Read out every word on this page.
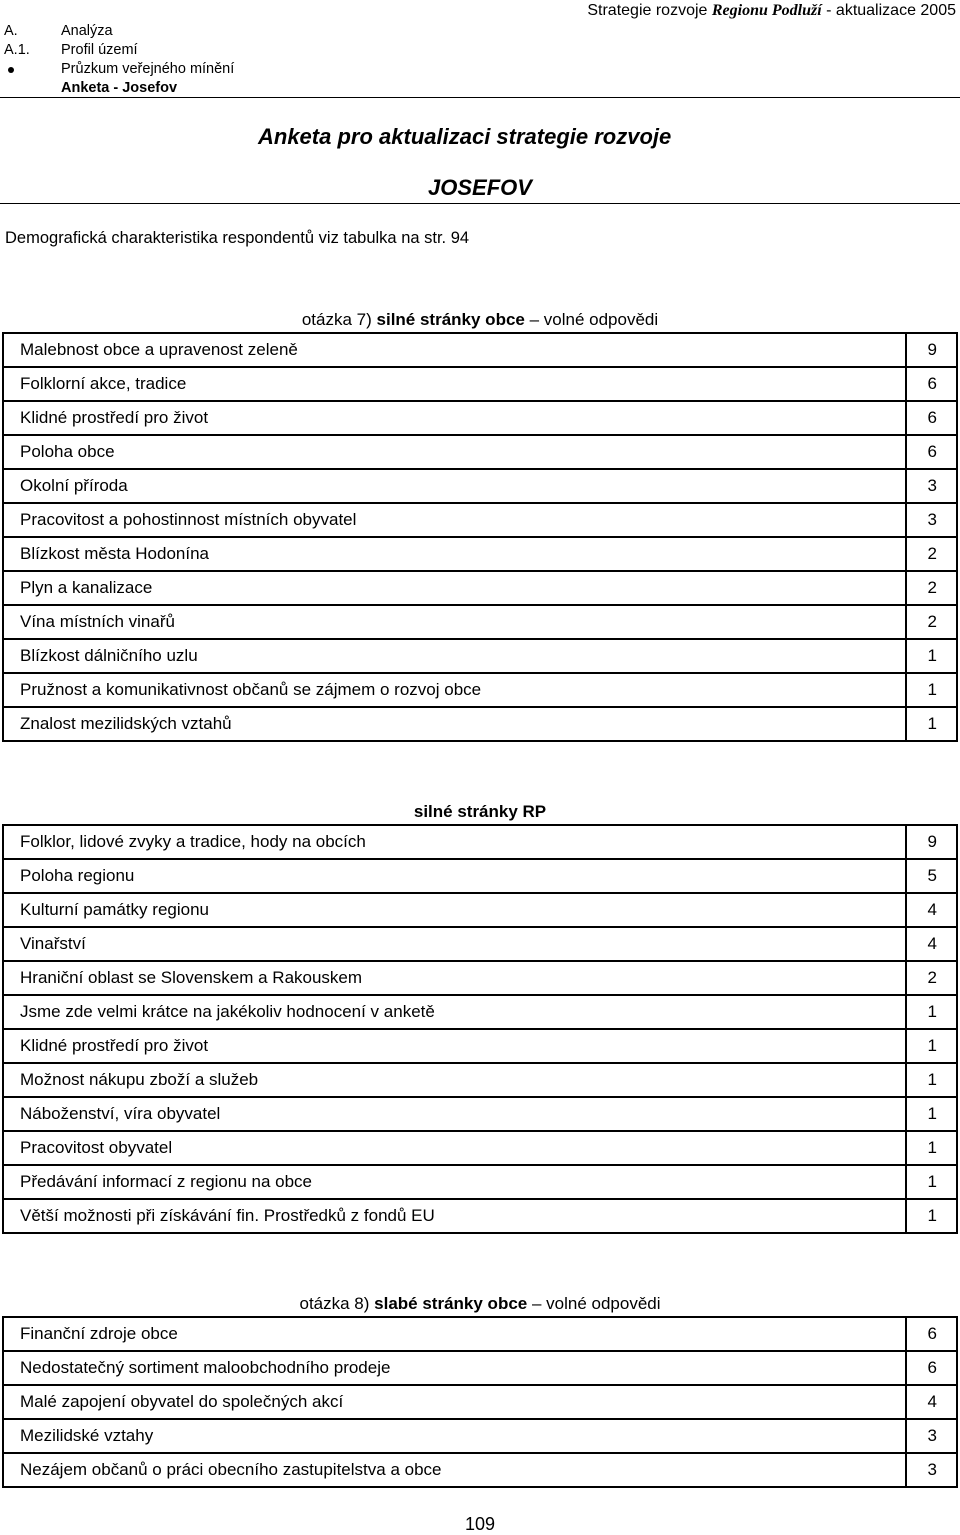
A.	Analýza
A.1. Profil území
Průzkum veřejného mínění
Anketa - Josefov
Strategie rozvoje Regionu Podluží - aktualizace 2005
Anketa pro aktualizaci strategie rozvoje
JOSEFOV
Demografická charakteristika respondentů viz tabulka na str. 94
otázka 7) silné stránky obce – volné odpovědi
Malebnost obce a upravenost zeleně	9
Folklorní akce, tradice	6
Klidné prostředí pro život	6
Poloha obce	6
Okolní příroda	3
Pracovitost a pohostinnost místních obyvatel	3
Blízkost města Hodonína	2
Plyn a kanalizace	2
Vína místních vinařů	2
Blízkost dálničního uzlu	1
Pružnost a komunikativnost občanů se zájmem o rozvoj obce	1
Znalost mezilidských vztahů	1
silné stránky RP
Folklor, lidové zvyky a tradice, hody na obcích	9
Poloha regionu	5
Kulturní památky regionu	4
Vinařství	4
Hraniční oblast se Slovenskem a Rakouskem	2
Jsme zde velmi krátce na jakékoliv hodnocení v anketě	1
Klidné prostředí pro život	1
Možnost nákupu zboží a služeb	1
Náboženství, víra obyvatel	1
Pracovitost obyvatel	1
Předávání informací z regionu na obce	1
Větší možnosti při získávání fin. Prostředků z fondů EU	1
otázka 8) slabé stránky obce – volné odpovědi
Finanční zdroje obce	6
Nedostatečný sortiment maloobchodního prodeje	6
Malé zapojení obyvatel do společných akcí	4
Mezilidské vztahy	3
Nezájem občanů o práci obecního zastupitelstva a obce	3
109
